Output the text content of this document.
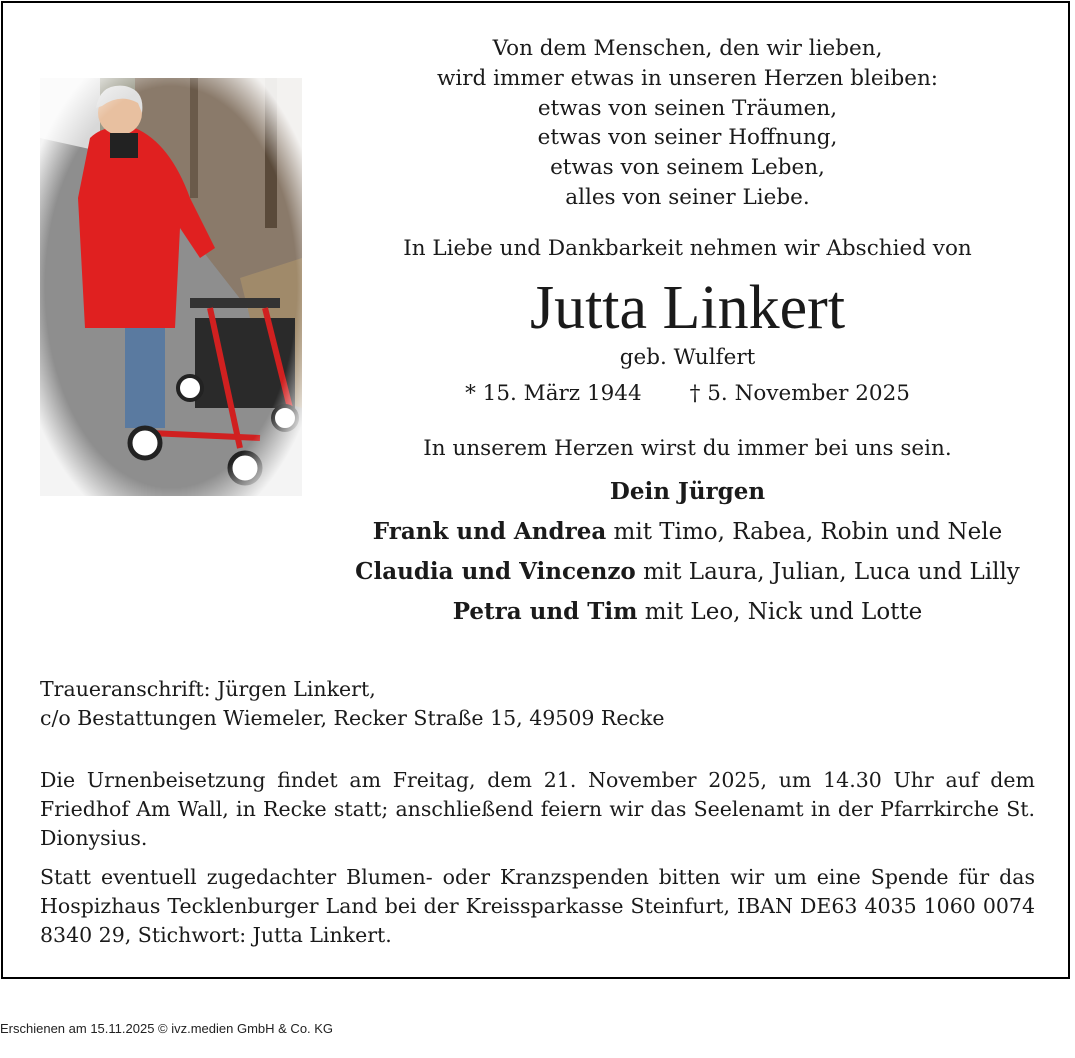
Von dem Menschen, den wir lieben,
wird immer etwas in unseren Herzen bleiben:
etwas von seinen Träumen,
etwas von seiner Hoffnung,
etwas von seinem Leben,
alles von seiner Liebe.
In Liebe und Dankbarkeit nehmen wir Abschied von
Jutta Linkert
geb. Wulfert
* 15. März 1944 † 5. November 2025
In unserem Herzen wirst du immer bei uns sein.
Dein Jürgen
Frank und Andrea mit Timo, Rabea, Robin und Nele
Claudia und Vincenzo mit Laura, Julian, Luca und Lilly
Petra und Tim mit Leo, Nick und Lotte
Traueranschrift: Jürgen Linkert,
c/o Bestattungen Wiemeler, Recker Straße 15, 49509 Recke
Die Urnenbeisetzung findet am Freitag, dem 21. November 2025, um 14.30 Uhr auf dem Friedhof Am Wall, in Recke statt; anschließend feiern wir das Seelenamt in der Pfarrkirche St. Dionysius.
Statt eventuell zugedachter Blumen- oder Kranzspenden bitten wir um eine Spende für das Hospizhaus Tecklenburger Land bei der Kreissparkasse Steinfurt, IBAN DE63 4035 1060 0074 8340 29, Stichwort: Jutta Linkert.
Erschienen am 15.11.2025 © ivz.medien GmbH & Co. KG
